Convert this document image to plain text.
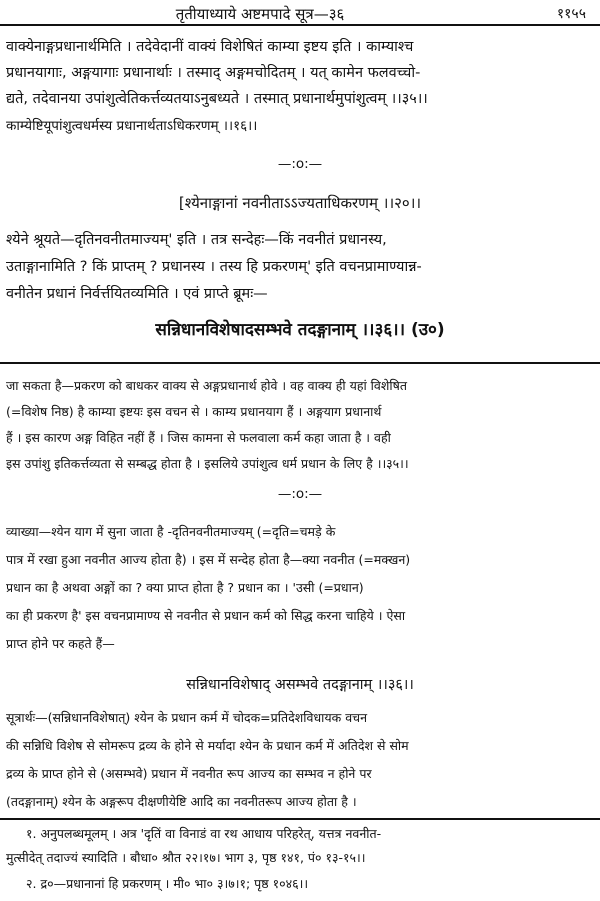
तृतीयाध्याये अष्टमपादे सूत्र—३६	११५५
वाक्येनाङ्गप्रधानार्थमिति । तदेवेदानीं वाक्यं विशेषितं काम्या इष्टय इति । काम्याश्च
प्रधानयागाः, अङ्गयागाः प्रधानार्थाः । तस्माद् अङ्गमचोदितम् । यत् कामेन फलवच्चो-
द्यते, तदेवानया उपांशुत्वेतिकर्त्तव्यतयाऽनुबध्यते । तस्मात् प्रधानार्थमुपांशुत्वम् ।।३५।।
काम्येष्टियूपांशुत्वधर्मस्य प्रधानार्थताऽधिकरणम् ।।१६।।
—:o:—
[श्येनाङ्गानां नवनीताऽऽज्यताधिकरणम् ।।२०।।
श्येने श्रूयते—दृतिनवनीतमाज्यम्' इति । तत्र सन्देहः—किं नवनीतं प्रधानस्य,
उताङ्गानामिति ? किं प्राप्तम् ? प्रधानस्य । तस्य हि प्रकरणम्' इति वचनप्रामाण्यान्न-
वनीतेन प्रधानं निर्वर्त्तयितव्यमिति । एवं प्राप्ते ब्रूमः—
सन्निधानविशेषादसम्भवे तदङ्गानाम् ।।३६।। (उ०)
जा सकता है—प्रकरण को बाधकर वाक्य से अङ्गप्रधानार्थ होवे । वह वाक्य ही यहां विशेषित
(=विशेष निष्ठ) है काम्या इष्टयः इस वचन से । काम्य प्रधानयाग हैं । अङ्गयाग प्रधानार्थ
हैं । इस कारण अङ्ग विहित नहीं हैं । जिस कामना से फलवाला कर्म कहा जाता है । वही
इस उपांशु इतिकर्त्तव्यता से सम्बद्ध होता है । इसलिये उपांशुत्व धर्म प्रधान के लिए है ।।३५।।
—:o:—
व्याख्या—श्येन याग में सुना जाता है -दृतिनवनीतमाज्यम् (=दृति=चमड़े के
पात्र में रखा हुआ नवनीत आज्य होता है) । इस में सन्देह होता है—क्या नवनीत (=मक्खन)
प्रधान का है अथवा अङ्गों का ? क्या प्राप्त होता है ? प्रधान का । 'उसी (=प्रधान)
का ही प्रकरण है' इस वचनप्रामाण्य से नवनीत से प्रधान कर्म को सिद्ध करना चाहिये । ऐसा
प्राप्त होने पर कहते हैं—
सन्निधानविशेषाद् असम्भवे तदङ्गानाम् ।।३६।।
सूत्रार्थः—(सन्निधानविशेषात्) श्येन के प्रधान कर्म में चोदक=प्रतिदेशविधायक वचन
की सन्निधि विशेष से सोमरूप द्रव्य के होने से मर्यादा श्येन के प्रधान कर्म में अतिदेश से सोम
द्रव्य के प्राप्त होने से (असम्भवे) प्रधान में नवनीत रूप आज्य का सम्भव न होने पर
(तदङ्गानाम्) श्येन के अङ्गरूप दीक्षणीयेष्टि आदि का नवनीतरूप आज्य होता है ।
१. अनुपलब्धमूलम् । अत्र 'दृतिं वा विनाडं वा रथ आधाय परिहरेत्, यत्तत्र नवनीत-
मुत्सीदेत् तदाज्यं स्यादिति । बौधा० श्रौत २२।१७। भाग ३, पृष्ठ १४१, पं० १३-१५।।
२. द्र०—प्रधानानां हि प्रकरणम् । मी० भा० ३।७।१; पृष्ठ १०४६।।
